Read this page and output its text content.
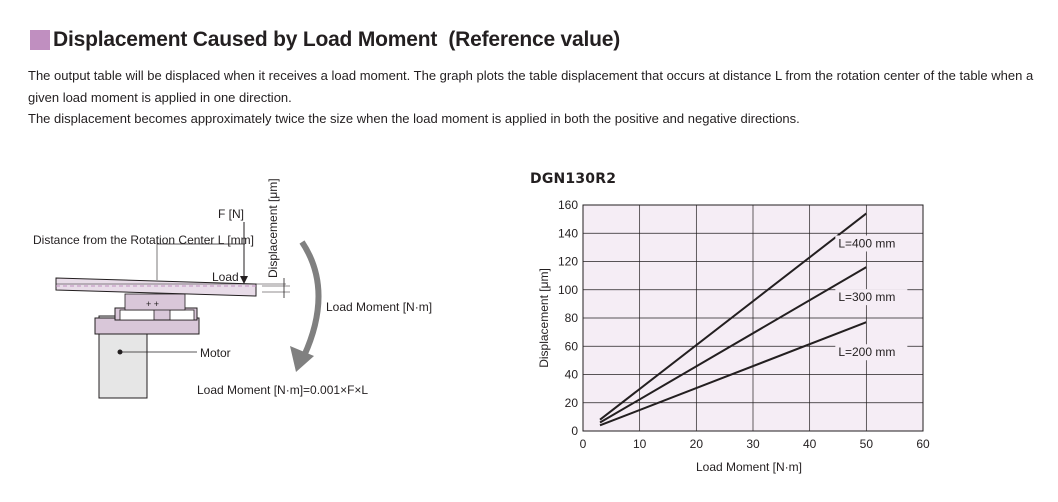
Displacement Caused by Load Moment  (Reference value)

The output table will be displaced when it receives a load moment. The graph plots the table displacement that occurs at distance L from the rotation center of the table when a given load moment is applied in one direction.

The displacement becomes approximately twice the size when the load moment is applied in both the positive and negative directions.

Motor
+ +
Distance from the Rotation Center L [mm]
F [N]
Load Displacement [μm]
Load Moment [N·m]
Load Moment [N·m]=0.001×F×L
DGN130R2
L=400 mm
L=300 mm
L=200 mm
0	10	20	30	40	50	60
0
20
40
60
80
100
120
140
160
Load Moment [N·m]
Displacement [μm]
